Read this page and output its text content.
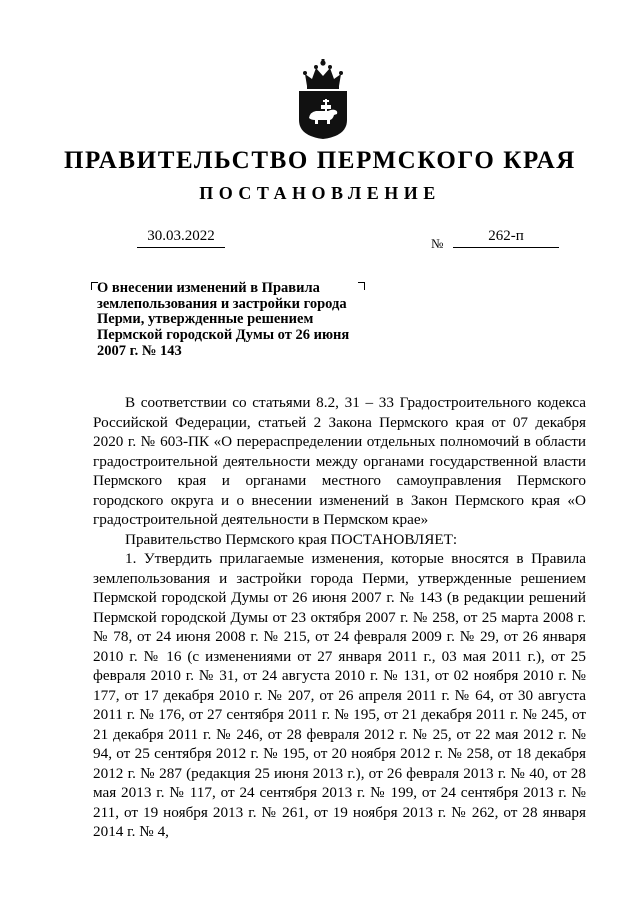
ПРАВИТЕЛЬСТВО ПЕРМСКОГО КРАЯ
ПОСТАНОВЛЕНИЕ
30.03.2022	№	262-п
О внесении изменений в Правила
землепользования и застройки города
Перми, утвержденные решением
Пермской городской Думы от 26 июня
2007 г. № 143

В соответствии со статьями 8.2, 31 – 33 Градостроительного кодекса Российской Федерации, статьей 2 Закона Пермского края от 07 декабря 2020 г. № 603-ПК «О перераспределении отдельных полномочий в области градостроительной деятельности между органами государственной власти Пермского края и органами местного самоуправления Пермского городского округа и о внесении изменений в Закон Пермского края «О градостроительной деятельности в Пермском крае»

Правительство Пермского края ПОСТАНОВЛЯЕТ:

1. Утвердить прилагаемые изменения, которые вносятся в Правила землепользования и застройки города Перми, утвержденные решением Пермской городской Думы от 26 июня 2007 г. № 143 (в редакции решений Пермской городской Думы от 23 октября 2007 г. № 258, от 25 марта 2008 г. № 78, от 24 июня 2008 г. № 215, от 24 февраля 2009 г. № 29, от 26 января 2010 г. № 16 (с изменениями от 27 января 2011 г., 03 мая 2011 г.), от 25 февраля 2010 г. № 31, от 24 августа 2010 г. № 131, от 02 ноября 2010 г. № 177, от 17 декабря 2010 г. № 207, от 26 апреля 2011 г. № 64, от 30 августа 2011 г. № 176, от 27 сентября 2011 г. № 195, от 21 декабря 2011 г. № 245, от 21 декабря 2011 г. № 246, от 28 февраля 2012 г. № 25, от 22 мая 2012 г. № 94, от 25 сентября 2012 г. № 195, от 20 ноября 2012 г. № 258, от 18 декабря 2012 г. № 287 (редакция 25 июня 2013 г.), от 26 февраля 2013 г. № 40, от 28 мая 2013 г. № 117, от 24 сентября 2013 г. № 199, от 24 сентября 2013 г. № 211, от 19 ноября 2013 г. № 261, от 19 ноября 2013 г. № 262, от 28 января 2014 г. № 4,
